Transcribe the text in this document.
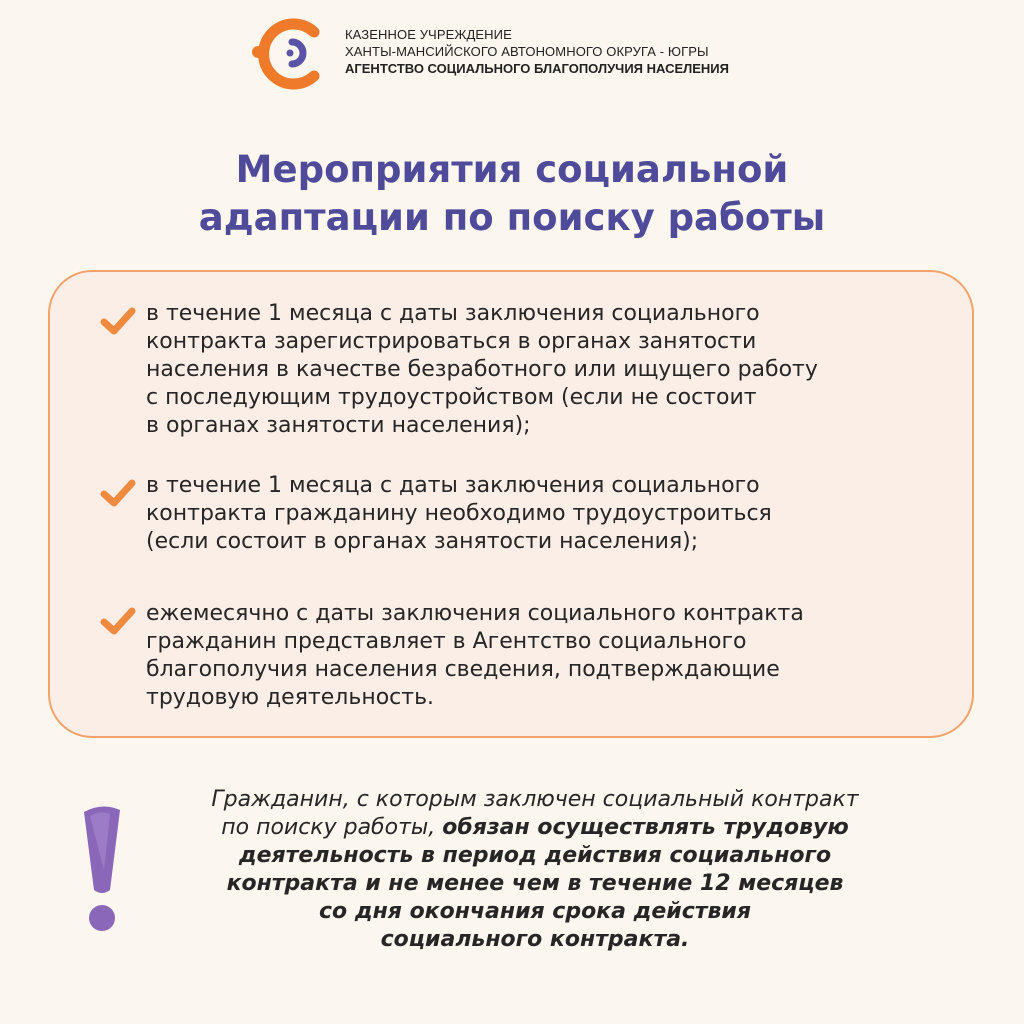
КАЗЕННОЕ УЧРЕЖДЕНИЕ
ХАНТЫ-МАНСИЙСКОГО АВТОНОМНОГО ОКРУГА - ЮГРЫ
АГЕНТСТВО СОЦИАЛЬНОГО БЛАГОПОЛУЧИЯ НАСЕЛЕНИЯ
Мероприятия социальной
адаптации по поиску работы
в течение 1 месяца с даты заключения социального
контракта зарегистрироваться в органах занятости
населения в качестве безработного или ищущего работу
с последующим трудоустройством (если не состоит
в органах занятости населения);
в течение 1 месяца с даты заключения социального
контракта гражданину необходимо трудоустроиться
(если состоит в органах занятости населения);
ежемесячно с даты заключения социального контракта
гражданин представляет в Агентство социального
благополучия населения сведения, подтверждающие
трудовую деятельность.
Гражданин, с которым заключен социальный контракт
по поиску работы, обязан осуществлять трудовую
деятельность в период действия социального
контракта и не менее чем в течение 12 месяцев
со дня окончания срока действия
социального контракта.
